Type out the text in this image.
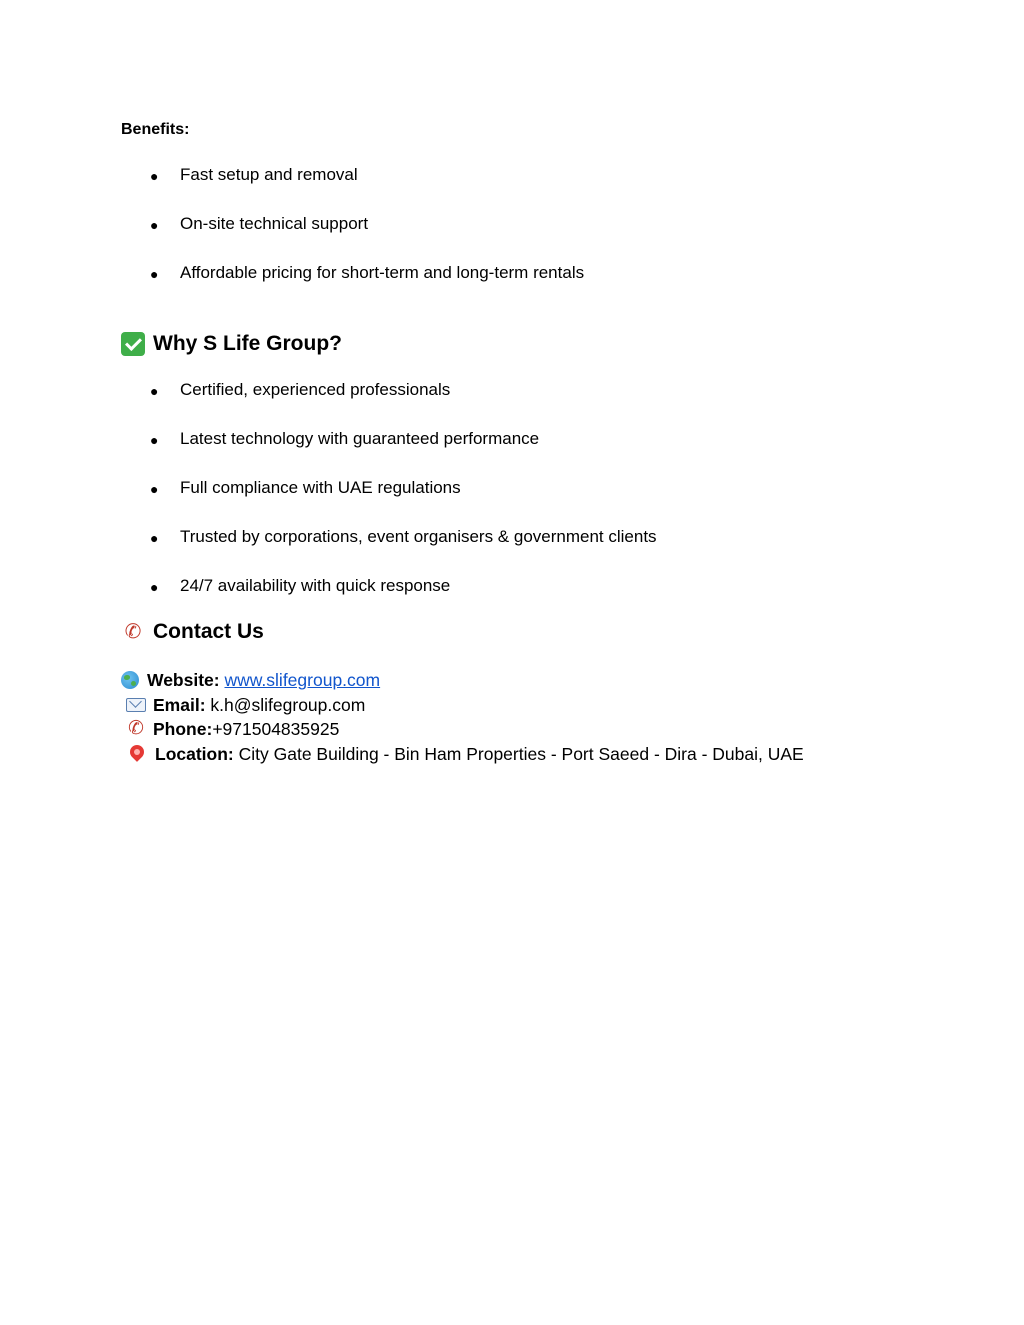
Benefits:

● Fast setup and removal
● On-site technical support
● Affordable pricing for short-term and long-term rentals
Why S Life Group?
● Certified, experienced professionals
● Latest technology with guaranteed performance
● Full compliance with UAE regulations
● Trusted by corporations, event organisers & government clients
● 24/7 availability with quick response
✆ Contact Us
Website:
www.slifegroup.com
Email:
k.h@slifegroup.com
✆ Phone: +971504835925
Location:
City Gate Building - Bin Ham Properties - Port Saeed - Dira - Dubai, UAE
